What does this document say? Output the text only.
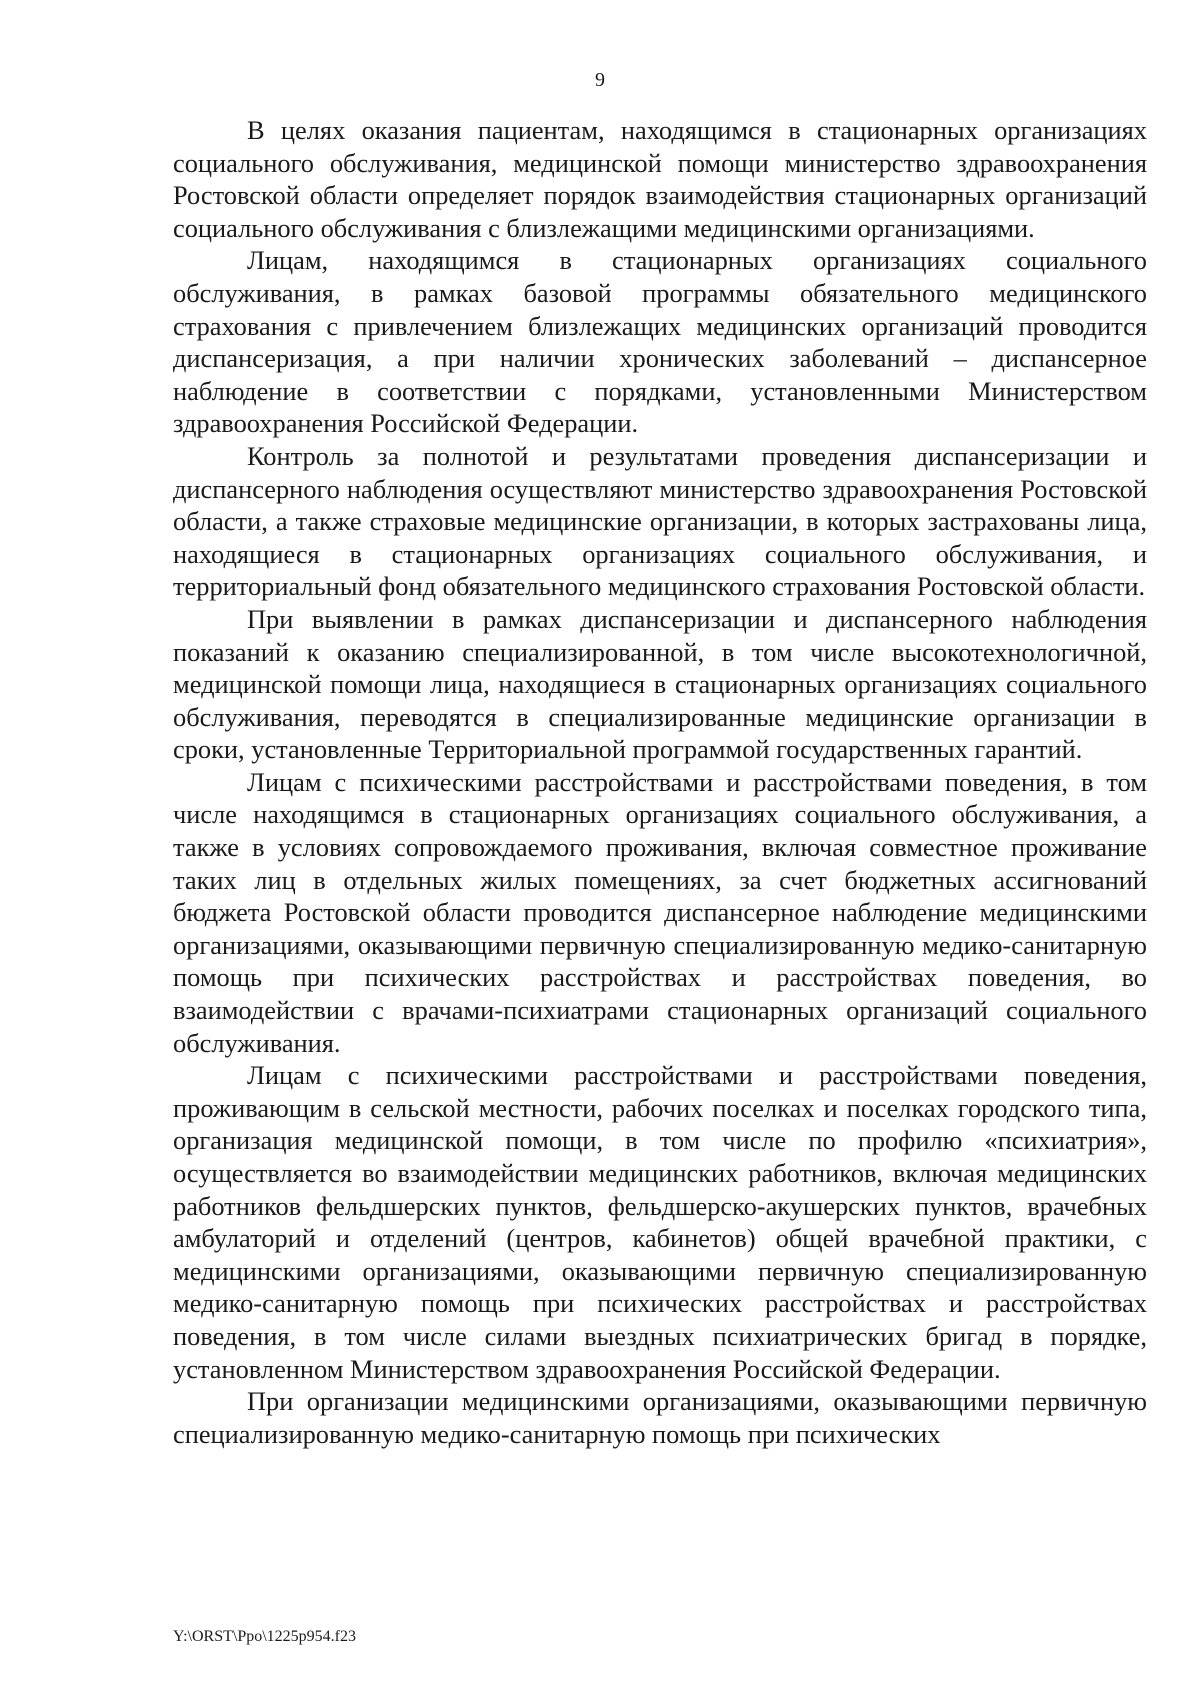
9

В целях оказания пациентам, находящимся в стационарных организациях социального обслуживания, медицинской помощи министерство здравоохранения Ростовской области определяет порядок взаимодействия стационарных организаций социального обслуживания с близлежащими медицинскими организациями.

Лицам, находящимся в стационарных организациях социального обслуживания, в рамках базовой программы обязательного медицинского страхования с привлечением близлежащих медицинских организаций проводится диспансеризация, а при наличии хронических заболеваний – диспансерное наблюдение в соответствии с порядками, установленными Министерством здравоохранения Российской Федерации.

Контроль за полнотой и результатами проведения диспансеризации и диспансерного наблюдения осуществляют министерство здравоохранения Ростовской области, а также страховые медицинские организации, в которых застрахованы лица, находящиеся в стационарных организациях социального обслуживания, и территориальный фонд обязательного медицинского страхования Ростовской области.

При выявлении в рамках диспансеризации и диспансерного наблюдения показаний к оказанию специализированной, в том числе высокотехнологичной, медицинской помощи лица, находящиеся в стационарных организациях социального обслуживания, переводятся в специализированные медицинские организации в сроки, установленные Территориальной программой государственных гарантий.

Лицам с психическими расстройствами и расстройствами поведения, в том числе находящимся в стационарных организациях социального обслуживания, а также в условиях сопровождаемого проживания, включая совместное проживание таких лиц в отдельных жилых помещениях, за счет бюджетных ассигнований бюджета Ростовской области проводится диспансерное наблюдение медицинскими организациями, оказывающими первичную специализированную медико-санитарную помощь при психических расстройствах и расстройствах поведения, во взаимодействии с врачами-психиатрами стационарных организаций социального обслуживания.

Лицам с психическими расстройствами и расстройствами поведения, проживающим в сельской местности, рабочих поселках и поселках городского типа, организация медицинской помощи, в том числе по профилю «психиатрия», осуществляется во взаимодействии медицинских работников, включая медицинских работников фельдшерских пунктов, фельдшерско-акушерских пунктов, врачебных амбулаторий и отделений (центров, кабинетов) общей врачебной практики, с медицинскими организациями, оказывающими первичную специализированную медико-санитарную помощь при психических расстройствах и расстройствах поведения, в том числе силами выездных психиатрических бригад в порядке, установленном Министерством здравоохранения Российской Федерации.

При организации медицинскими организациями, оказывающими первичную специализированную медико-санитарную помощь при психических

Y:\ORST\Ppo\1225p954.f23
